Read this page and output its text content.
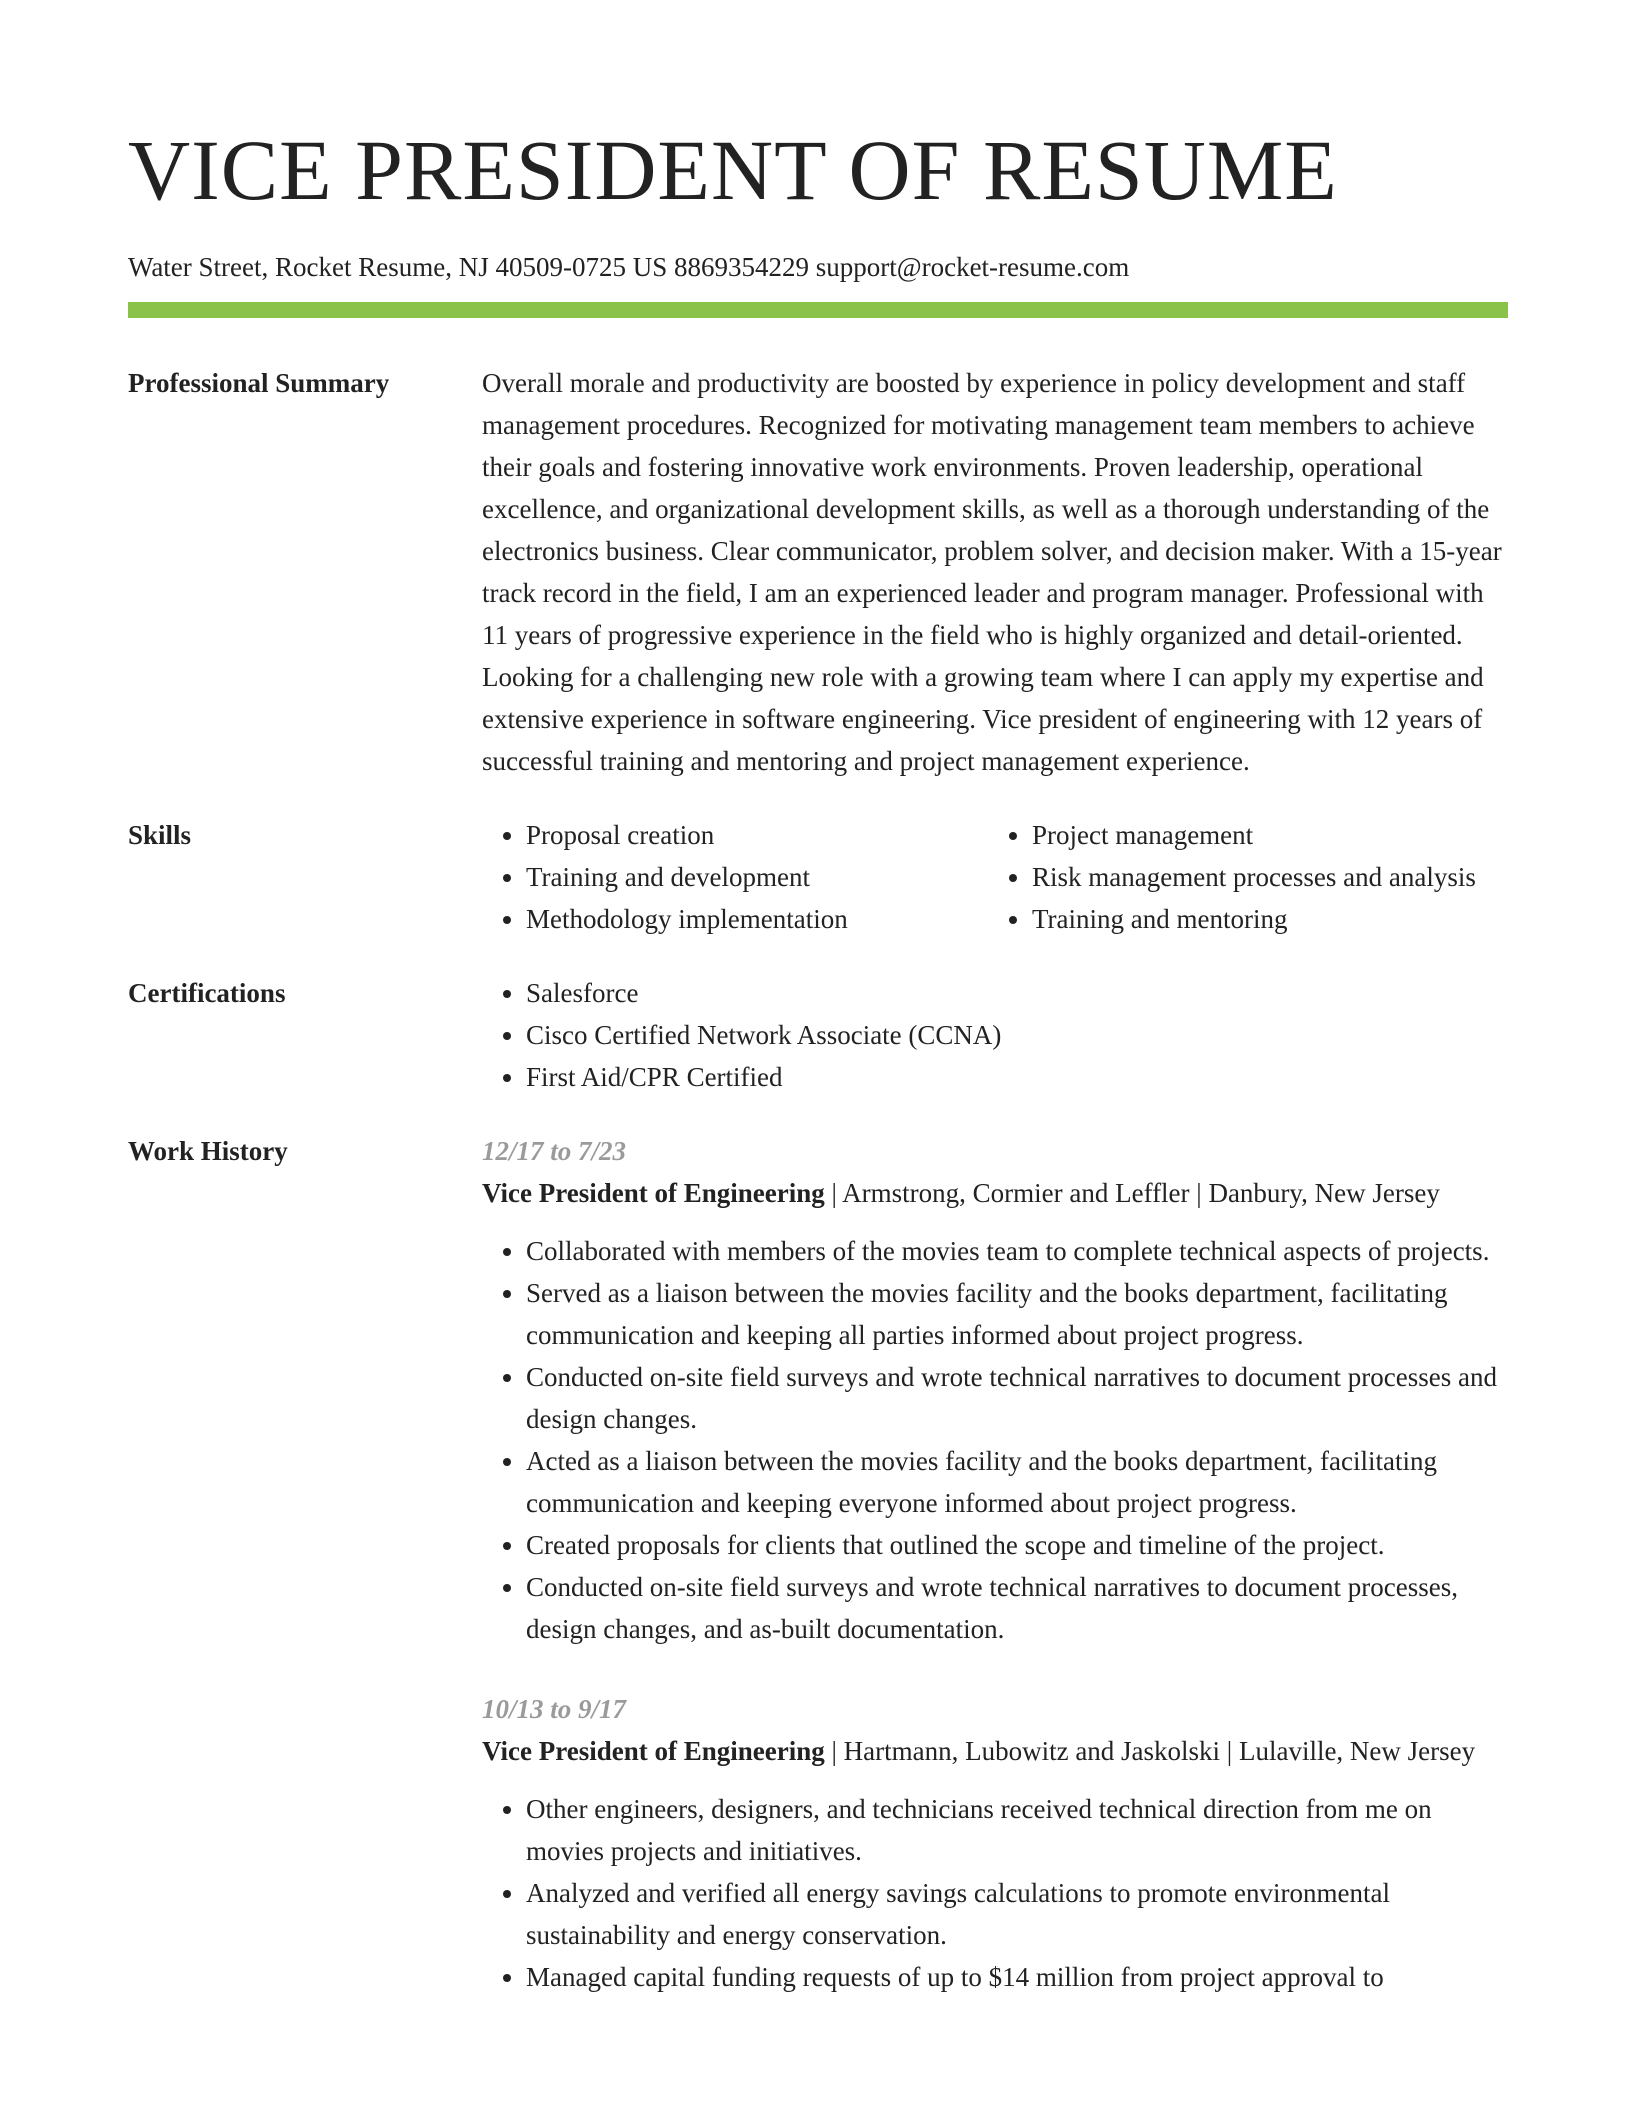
VICE PRESIDENT OF RESUME
Water Street, Rocket Resume, NJ 40509-0725 US 8869354229 support@rocket-resume.com
Professional Summary	Overall morale and productivity are boosted by experience in policy development and staff management procedures. Recognized for motivating management team members to achieve their goals and fostering innovative work environments. Proven leadership, operational excellence, and organizational development skills, as well as a thorough understanding of the electronics business. Clear communicator, problem solver, and decision maker. With a 15-year track record in the field, I am an experienced leader and program manager. Professional with 11 years of progressive experience in the field who is highly organized and detail-oriented. Looking for a challenging new role with a growing team where I can apply my expertise and extensive experience in software engineering. Vice president of engineering with 12 years of successful training and mentoring and project management experience.

Skills	• Proposal creation
• Training and development
• Methodology implementation
• Project management
• Risk management processes and analysis
• Training and mentoring
Certifications	• Salesforce
• Cisco Certified Network Associate (CCNA)
• First Aid/CPR Certified
Work History	12/17 to 7/23
Vice President of Engineering | Armstrong, Cormier and Leffler | Danbury, New Jersey
• Collaborated with members of the movies team to complete technical aspects of projects.
• Served as a liaison between the movies facility and the books department, facilitating communication and keeping all parties informed about project progress.
• Conducted on-site field surveys and wrote technical narratives to document processes and design changes.
• Acted as a liaison between the movies facility and the books department, facilitating communication and keeping everyone informed about project progress.
• Created proposals for clients that outlined the scope and timeline of the project.
• Conducted on-site field surveys and wrote technical narratives to document processes, design changes, and as-built documentation.
10/13 to 9/17
Vice President of Engineering | Hartmann, Lubowitz and Jaskolski | Lulaville, New Jersey
• Other engineers, designers, and technicians received technical direction from me on movies projects and initiatives.
• Analyzed and verified all energy savings calculations to promote environmental sustainability and energy conservation.
• Managed capital funding requests of up to $14 million from project approval to
